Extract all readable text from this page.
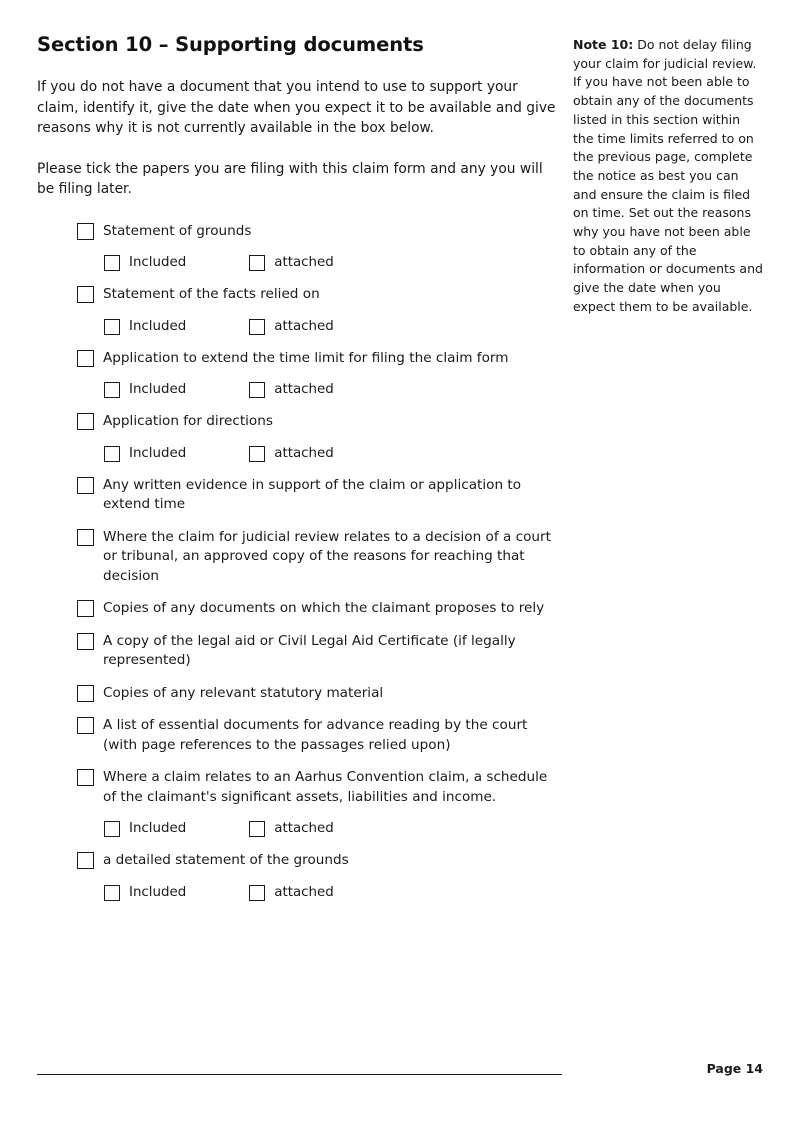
Section 10 – Supporting documents

If you do not have a document that you intend to use to support your claim, identify it, give the date when you expect it to be available and give reasons why it is not currently available in the box below.

Please tick the papers you are filing with this claim form and any you will be filing later.

Statement of grounds
Included	attached
Statement of the facts relied on
Included	attached
Application to extend the time limit for filing the claim form
Included	attached
Application for directions
Included	attached
Any written evidence in support of the claim or application to extend time
Where the claim for judicial review relates to a decision of a court or tribunal, an approved copy of the reasons for reaching that decision
Copies of any documents on which the claimant proposes to rely
A copy of the legal aid or Civil Legal Aid Certificate (if legally represented)
Copies of any relevant statutory material
A list of essential documents for advance reading by the court (with page references to the passages relied upon)
Where a claim relates to an Aarhus Convention claim, a schedule of the claimant's significant assets, liabilities and income.
Included	attached
a detailed statement of the grounds
Included	attached
Note 10: Do not delay filing your claim for judicial review. If you have not been able to obtain any of the documents listed in this section within the time limits referred to on the previous page, complete the notice as best you can and ensure the claim is filed on time. Set out the reasons why you have not been able to obtain any of the information or documents and give the date when you expect them to be available.
Page 14
